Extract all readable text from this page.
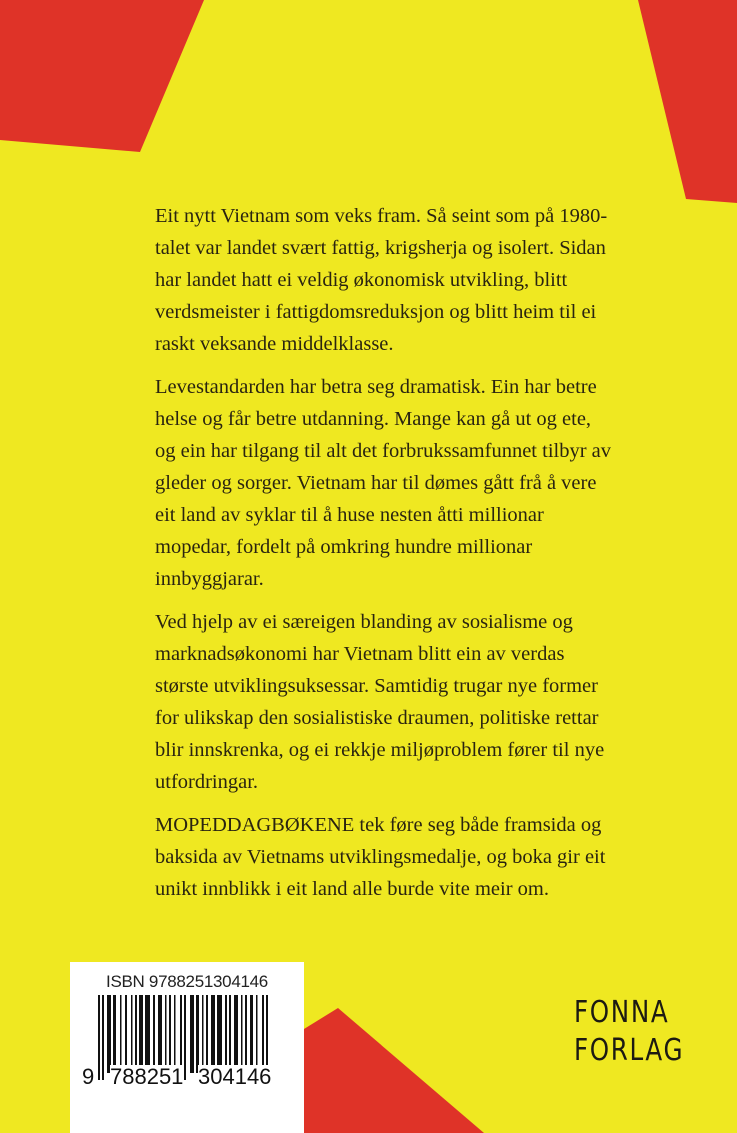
Eit nytt Vietnam som veks fram. Så seint som på 1980-talet var landet svært fattig, krigsherja og isolert. Sidan har landet hatt ei veldig økonomisk utvikling, blitt verdsmeister i fattigdomsreduksjon og blitt heim til ei raskt veksande middelklasse.

Levestandarden har betra seg dramatisk. Ein har betre helse og får betre utdanning. Mange kan gå ut og ete, og ein har tilgang til alt det forbrukssamfunnet tilbyr av gleder og sorger. Vietnam har til dømes gått frå å vere eit land av syklar til å huse nesten åtti millionar mopedar, fordelt på omkring hundre millionar innbyggjarar.

Ved hjelp av ei særeigen blanding av sosialisme og marknadsøkonomi har Vietnam blitt ein av verdas største utviklingsuksessar. Samtidig trugar nye former for ulikskap den sosialistiske draumen, politiske rettar blir innskrenka, og ei rekkje miljøproblem fører til nye utfordringar.

MOPEDDAGBØKENE tek føre seg både framsida og baksida av Vietnams utviklingsmedalje, og boka gir eit unikt innblikk i eit land alle burde vite meir om.

ISBN 9788251304146
9 788251 304146
FONNA
FORLAG
